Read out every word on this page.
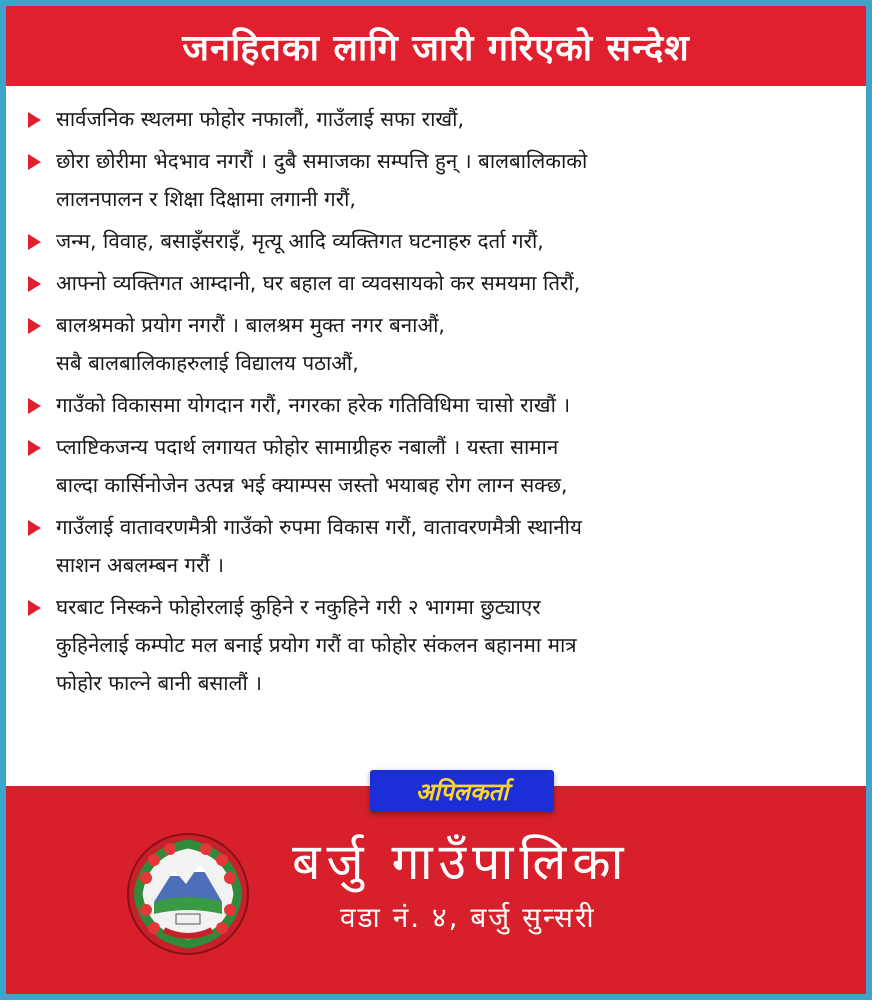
जनहितका लागि जारी गरिएको सन्देश
सार्वजनिक स्थलमा फोहोर नफालौं, गाउँलाई सफा राखौं,
छोरा छोरीमा भेदभाव नगरौं । दुबै समाजका सम्पत्ति हुन् । बालबालिकाको
लालनपालन र शिक्षा दिक्षामा लगानी गरौं,
जन्म, विवाह, बसाइँसराइँ, मृत्यू आदि व्यक्तिगत घटनाहरु दर्ता गरौं,
आफ्नो व्यक्तिगत आम्दानी, घर बहाल वा व्यवसायको कर समयमा तिरौं,
बालश्रमको प्रयोग नगरौं । बालश्रम मुक्त नगर बनाऔं,
सबै बालबालिकाहरुलाई विद्यालय पठाऔं,
गाउँको विकासमा योगदान गरौं, नगरका हरेक गतिविधिमा चासो राखौं ।
प्लाष्टिकजन्य पदार्थ लगायत फोहोर सामाग्रीहरु नबालौं । यस्ता सामान
बाल्दा कार्सिनोजेन उत्पन्न भई क्याम्पस जस्तो भयाबह रोग लाग्न सक्छ,
गाउँलाई वातावरणमैत्री गाउँको रुपमा विकास गरौं, वातावरणमैत्री स्थानीय
साशन अबलम्बन गरौं ।
घरबाट निस्कने फोहोरलाई कुहिने र नकुहिने गरी २ भागमा छुट्याएर
कुहिनेलाई कम्पोट मल बनाई प्रयोग गरौं वा फोहोर संकलन बहानमा मात्र
फोहोर फाल्ने बानी बसालौं ।
अपिलकर्ता
बर्जु गाउँपालिका
वडा नं. ४, बर्जु सुन्सरी
